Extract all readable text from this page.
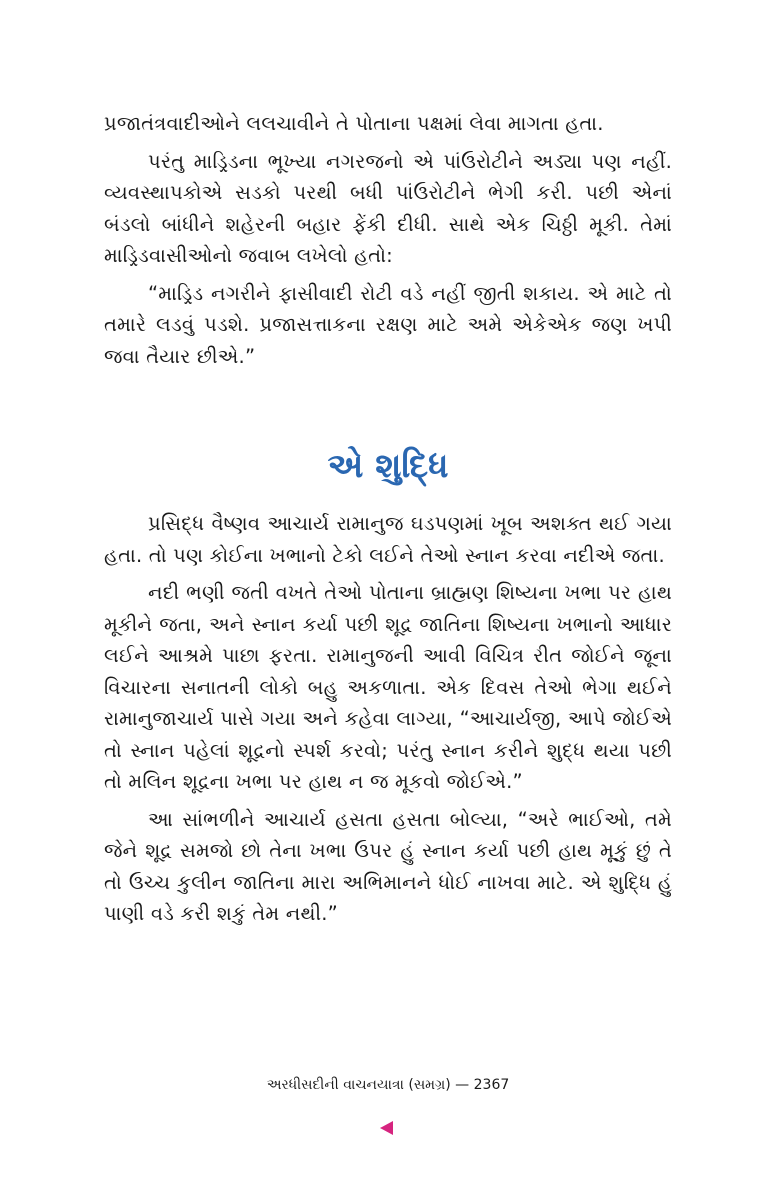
પ્રજાતંત્રવાદીઓને લલચાવીને તે પોતાના પક્ષમાં લેવા માગતા હતા.

પરંતુ માડ્રિડના ભૂખ્યા નગરજનો એ પાંઉરોટીને અડ્યા પણ નહીં. વ્યવસ્થાપકોએ સડકો પરથી બધી પાંઉરોટીને ભેગી કરી. પછી એનાં બંડલો બાંધીને શહેરની બહાર ફેંકી દીધી. સાથે એક ચિઠ્ઠી મૂકી. તેમાં માડ્રિડવાસીઓનો જવાબ લખેલો હતો:

“માડ્રિડ નગરીને ફાસીવાદી રોટી વડે નહીં જીતી શકાય. એ માટે તો તમારે લડવું પડશે. પ્રજાસત્તાકના રક્ષણ માટે અમે એકેએક જણ ખપી જવા તૈયાર છીએ.”

એ શુદ્ધિ

પ્રસિદ્ધ વૈષ્ણવ આચાર્ય રામાનુજ ઘડપણમાં ખૂબ અશક્ત થઈ ગયા હતા. તો પણ કોઈના ખભાનો ટેકો લઈને તેઓ સ્નાન કરવા નદીએ જતા.

નદી ભણી જતી વખતે તેઓ પોતાના બ્રાહ્મણ શિષ્યના ખભા પર હાથ મૂકીને જતા, અને સ્નાન કર્યા પછી શૂદ્ર જાતિના શિષ્યના ખભાનો આધાર લઈને આશ્રમે પાછા ફરતા. રામાનુજની આવી વિચિત્ર રીત જોઈને જૂના વિચારના સનાતની લોકો બહુ અકળાતા. એક દિવસ તેઓ ભેગા થઈને રામાનુજાચાર્ય પાસે ગયા અને કહેવા લાગ્યા, “આચાર્યજી, આપે જોઈએ તો સ્નાન પહેલાં શૂદ્રનો સ્પર્શ કરવો; પરંતુ સ્નાન કરીને શુદ્ધ થયા પછી તો મલિન શૂદ્રના ખભા પર હાથ ન જ મૂકવો જોઈએ.”

આ સાંભળીને આચાર્ય હસતા હસતા બોલ્યા, “અરે ભાઈઓ, તમે જેને શૂદ્ર સમજો છો તેના ખભા ઉપર હું સ્નાન કર્યા પછી હાથ મૂકું છું તે તો ઉચ્ચ કુલીન જાતિના મારા અભિમાનને ધોઈ નાખવા માટે. એ શુદ્ધિ હું પાણી વડે કરી શકું તેમ નથી.”

અરધીસદીની વાચનયાત્રા (સમગ્ર) — 2367
